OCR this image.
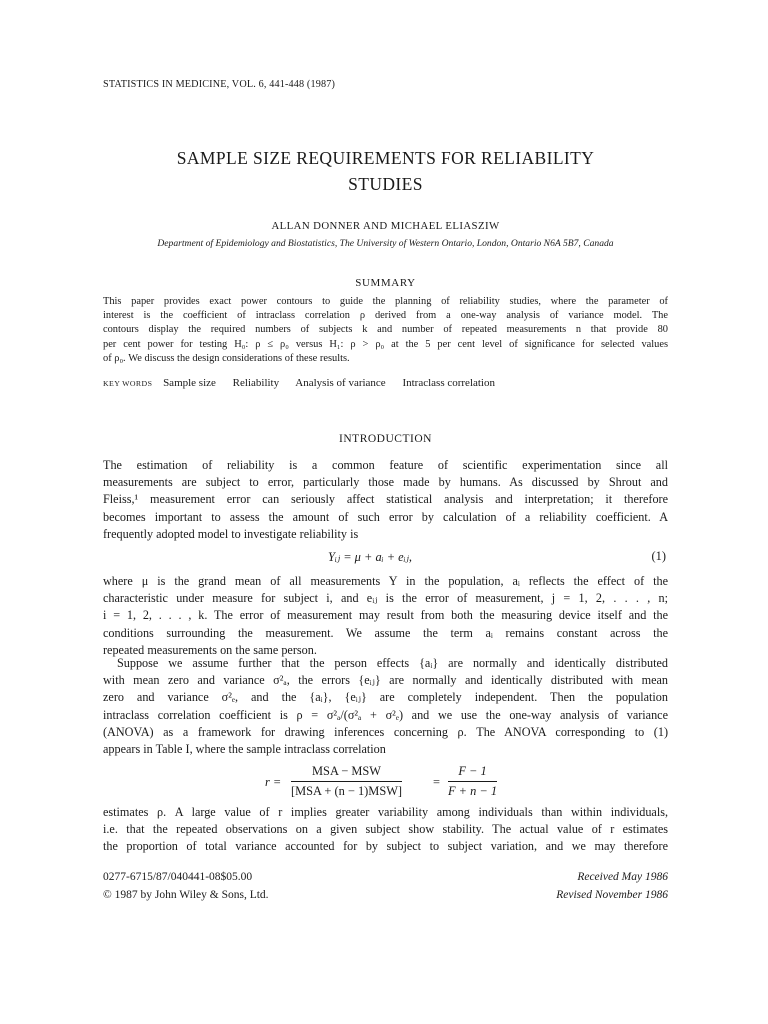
STATISTICS IN MEDICINE, VOL. 6, 441-448 (1987)
SAMPLE SIZE REQUIREMENTS FOR RELIABILITY
STUDIES
ALLAN DONNER AND MICHAEL ELIASZIW
Department of Epidemiology and Biostatistics, The University of Western Ontario, London, Ontario N6A 5B7, Canada
SUMMARY
This paper provides exact power contours to guide the planning of reliability studies, where the parameter of
interest is the coefficient of intraclass correlation ρ derived from a one-way analysis of variance model. The
contours display the required numbers of subjects k and number of repeated measurements n that provide 80
per cent power for testing H₀: ρ ≤ ρ₀ versus H₁: ρ > ρ₀ at the 5 per cent level of significance for selected values
of ρ₀. We discuss the design considerations of these results.
KEY WORDS Sample size Reliability Analysis of variance Intraclass correlation
INTRODUCTION
The estimation of reliability is a common feature of scientific experimentation since all
measurements are subject to error, particularly those made by humans. As discussed by Shrout and
Fleiss,¹ measurement error can seriously affect statistical analysis and interpretation; it therefore
becomes important to assess the amount of such error by calculation of a reliability coefficient. A
frequently adopted model to investigate reliability is
Yᵢⱼ = μ + aᵢ + eᵢⱼ,	(1)
where μ is the grand mean of all measurements Y in the population, aᵢ reflects the effect of the
characteristic under measure for subject i, and eᵢⱼ is the error of measurement, j = 1, 2, . . . , n;
i = 1, 2, . . . , k. The error of measurement may result from both the measuring device itself and the
conditions surrounding the measurement. We assume the term aᵢ remains constant across the
repeated measurements on the same person.
Suppose we assume further that the person effects {aᵢ} are normally and identically distributed
with mean zero and variance σ²ₐ, the errors {eᵢⱼ} are normally and identically distributed with mean
zero and variance σ²ₑ, and the {aᵢ}, {eᵢⱼ} are completely independent. Then the population
intraclass correlation coefficient is ρ = σ²ₐ/(σ²ₐ + σ²ₑ) and we use the one-way analysis of variance
(ANOVA) as a framework for drawing inferences concerning ρ. The ANOVA corresponding to (1)
appears in Table I, where the sample intraclass correlation
r =
MSA − MSW
[MSA + (n − 1)MSW]
= $\frac{F - 1}{F + n - 1}$
estimates ρ. A large value of r implies greater variability among individuals than within individuals,
i.e. that the repeated observations on a given subject show stability. The actual value of r estimates
the proportion of total variance accounted for by subject to subject variation, and we may therefore
0277-6715/87/040441-08$05.00
© 1987 by John Wiley & Sons, Ltd.
Received May 1986
Revised November 1986
